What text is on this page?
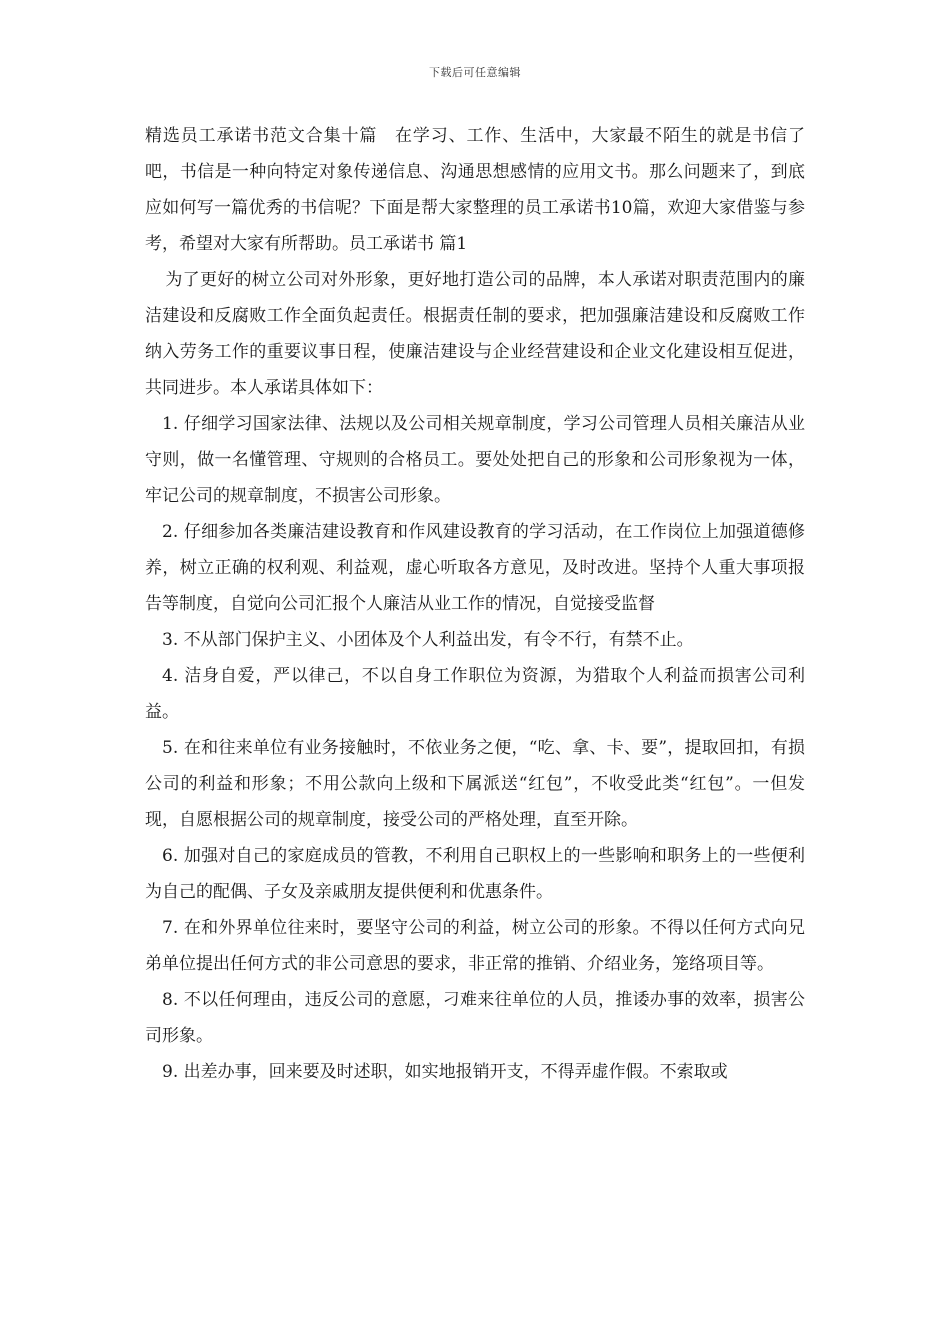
下载后可任意编辑

精选员工承诺书范文合集十篇　在学习、工作、生活中，大家最不陌生的就是书信了吧，书信是一种向特定对象传递信息、沟通思想感情的应用文书。那么问题来了，到底应如何写一篇优秀的书信呢？下面是帮大家整理的员工承诺书10篇，欢迎大家借鉴与参考，希望对大家有所帮助。员工承诺书 篇1

为了更好的树立公司对外形象，更好地打造公司的品牌，本人承诺对职责范围内的廉洁建设和反腐败工作全面负起责任。根据责任制的要求，把加强廉洁建设和反腐败工作纳入劳务工作的重要议事日程，使廉洁建设与企业经营建设和企业文化建设相互促进，共同进步。本人承诺具体如下：

1. 仔细学习国家法律、法规以及公司相关规章制度，学习公司管理人员相关廉洁从业守则，做一名懂管理、守规则的合格员工。要处处把自己的形象和公司形象视为一体，牢记公司的规章制度，不损害公司形象。

2. 仔细参加各类廉洁建设教育和作风建设教育的学习活动，在工作岗位上加强道德修养，树立正确的权利观、利益观，虚心听取各方意见，及时改进。坚持个人重大事项报告等制度，自觉向公司汇报个人廉洁从业工作的情况，自觉接受监督

3. 不从部门保护主义、小团体及个人利益出发，有令不行，有禁不止。

4. 洁身自爱，严以律己，不以自身工作职位为资源，为猎取个人利益而损害公司利益。

5. 在和往来单位有业务接触时，不依业务之便，“吃、拿、卡、要”，提取回扣，有损公司的利益和形象；不用公款向上级和下属派送“红包”，不收受此类“红包”。一但发现，自愿根据公司的规章制度，接受公司的严格处理，直至开除。

6. 加强对自己的家庭成员的管教，不利用自己职权上的一些影响和职务上的一些便利为自己的配偶、子女及亲戚朋友提供便利和优惠条件。

7. 在和外界单位往来时，要坚守公司的利益，树立公司的形象。不得以任何方式向兄弟单位提出任何方式的非公司意思的要求，非正常的推销、介绍业务，笼络项目等。

8. 不以任何理由，违反公司的意愿，刁难来往单位的人员，推诿办事的效率，损害公司形象。

9. 出差办事，回来要及时述职，如实地报销开支，不得弄虚作假。不索取或
